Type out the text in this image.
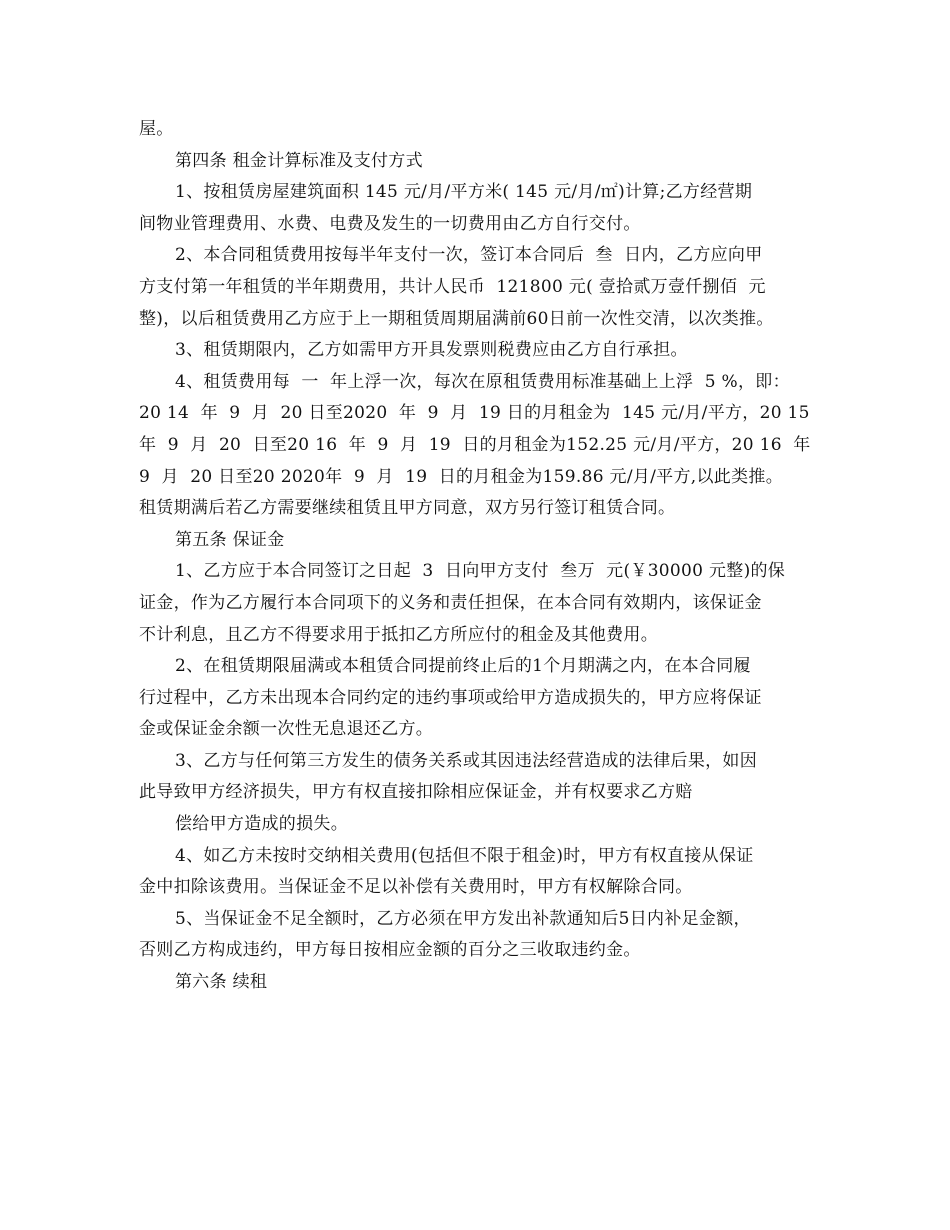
屋。
第四条 租金计算标准及支付方式
1、按租赁房屋建筑面积 145 元/月/平方米( 145 元/月/㎡)计算;乙方经营期
间物业管理费用、水费、电费及发生的一切费用由乙方自行交付。
2、本合同租赁费用按每半年支付一次，签订本合同后  叁  日内，乙方应向甲
方支付第一年租赁的半年期费用，共计人民币  121800 元( 壹拾贰万壹仟捌佰  元
整)，以后租赁费用乙方应于上一期租赁周期届满前60日前一次性交清，以次类推。
3、租赁期限内，乙方如需甲方开具发票则税费应由乙方自行承担。
4、租赁费用每  一  年上浮一次，每次在原租赁费用标准基础上上浮  5 %，即：
20 14  年  9  月  20 日至2020  年  9  月  19 日的月租金为  145 元/月/平方，20 15
年  9  月  20  日至20 16  年  9  月  19  日的月租金为152.25 元/月/平方，20 16  年
9  月  20 日至20 2020年  9  月  19  日的月租金为159.86 元/月/平方,以此类推。
租赁期满后若乙方需要继续租赁且甲方同意，双方另行签订租赁合同。
第五条 保证金
1、乙方应于本合同签订之日起  3  日向甲方支付  叁万  元(￥30000 元整)的保
证金，作为乙方履行本合同项下的义务和责任担保，在本合同有效期内，该保证金
不计利息，且乙方不得要求用于抵扣乙方所应付的租金及其他费用。
2、在租赁期限届满或本租赁合同提前终止后的1个月期满之内，在本合同履
行过程中，乙方未出现本合同约定的违约事项或给甲方造成损失的，甲方应将保证
金或保证金余额一次性无息退还乙方。
3、乙方与任何第三方发生的债务关系或其因违法经营造成的法律后果，如因
此导致甲方经济损失，甲方有权直接扣除相应保证金，并有权要求乙方赔
偿给甲方造成的损失。
4、如乙方未按时交纳相关费用(包括但不限于租金)时，甲方有权直接从保证
金中扣除该费用。当保证金不足以补偿有关费用时，甲方有权解除合同。
5、当保证金不足全额时，乙方必须在甲方发出补款通知后5日内补足金额，
否则乙方构成违约，甲方每日按相应金额的百分之三收取违约金。
第六条 续租
